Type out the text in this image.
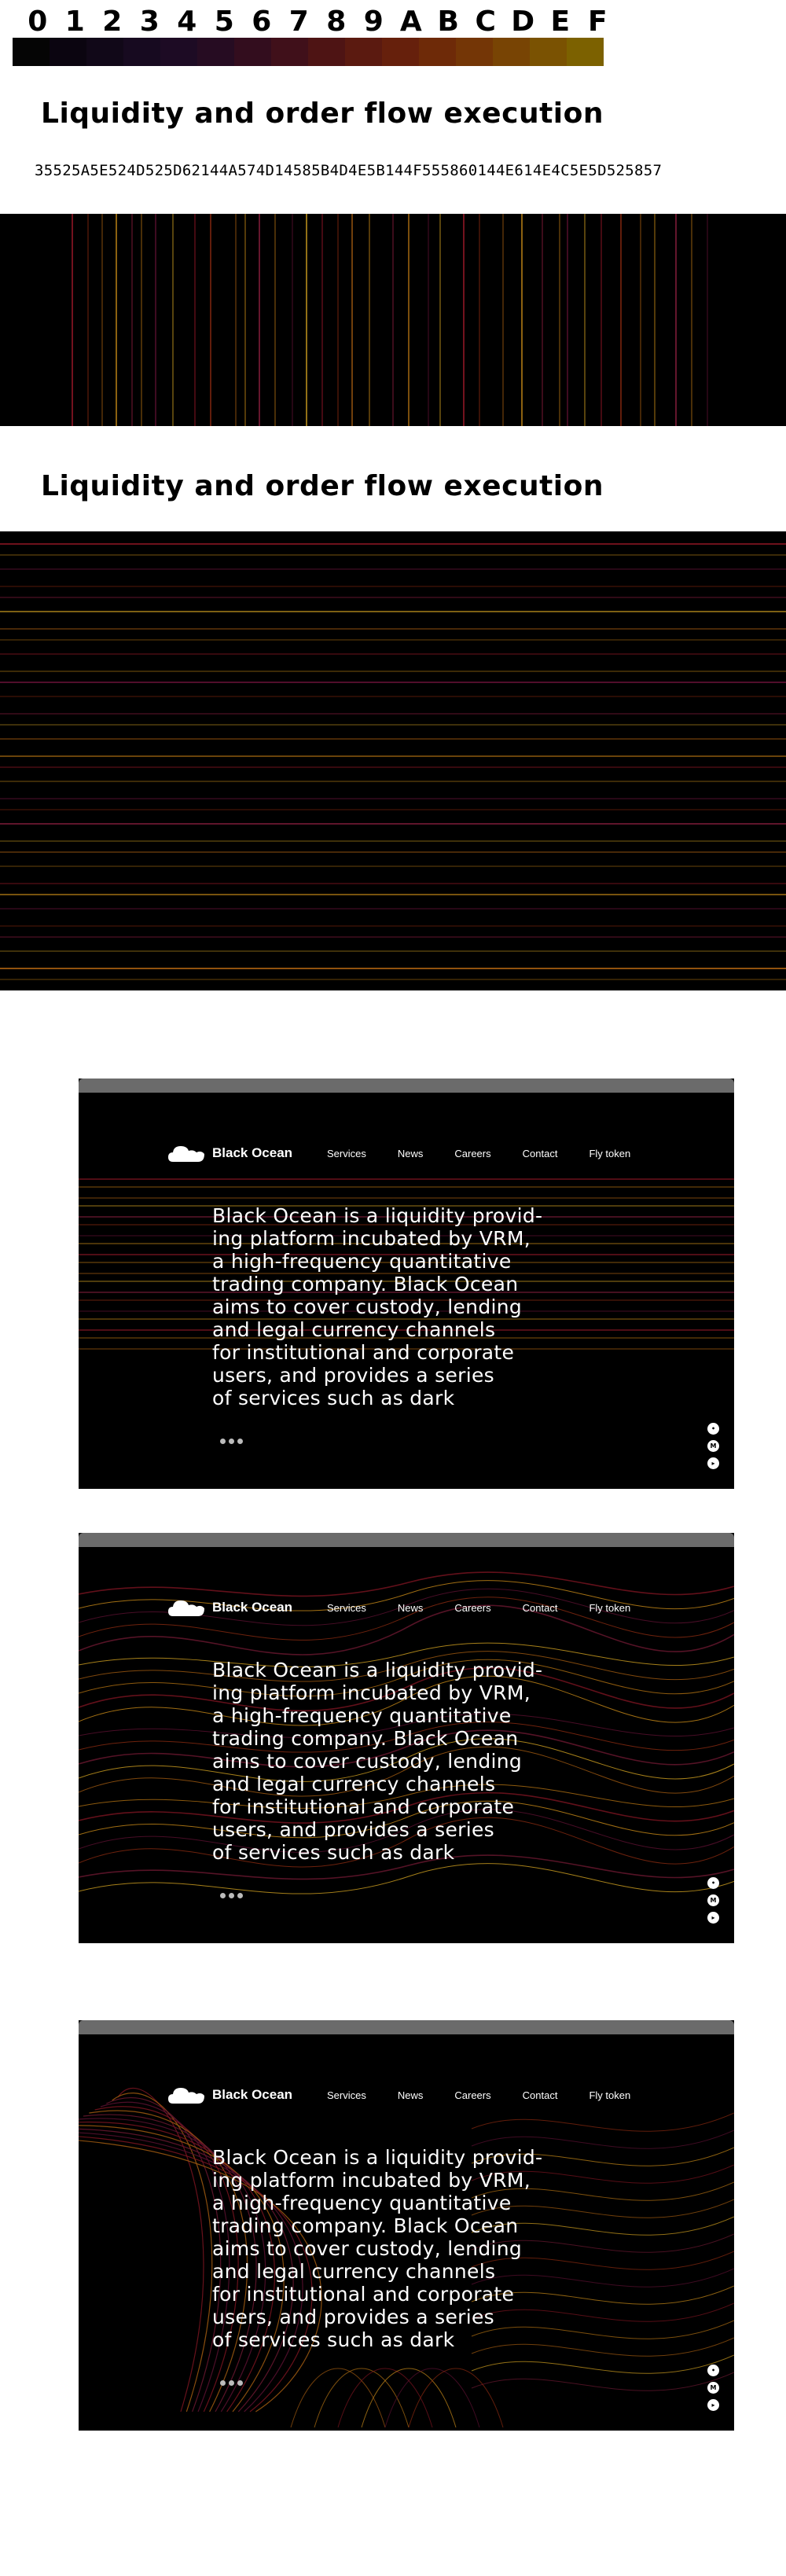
0 1 2 3 4 5 6 7 8 9 A B C D E F
Liquidity and order flow execution
35525A5E524D525D62144A574D14585B4D4E5B144F555860144E614E4C5E5D525857
Liquidity and order flow execution
Black Ocean	Services	News	Careers	Contact	Fly token
Black Ocean is a liquidity provid-
ing platform incubated by VRM,
a high-frequency quantitative
trading company. Black Ocean
aims to cover custody, lending
and legal currency channels
for institutional and corporate
users, and provides a series
of services such as dark
•
M
▸
Black Ocean	Services	News	Careers	Contact	Fly token
Black Ocean is a liquidity provid-
ing platform incubated by VRM,
a high-frequency quantitative
trading company. Black Ocean
aims to cover custody, lending
and legal currency channels
for institutional and corporate
users, and provides a series
of services such as dark
•
M
▸
Black Ocean	Services	News	Careers	Contact	Fly token
Black Ocean is a liquidity provid-
ing platform incubated by VRM,
a high-frequency quantitative
trading company. Black Ocean
aims to cover custody, lending
and legal currency channels
for institutional and corporate
users, and provides a series
of services such as dark
•
M
▸
